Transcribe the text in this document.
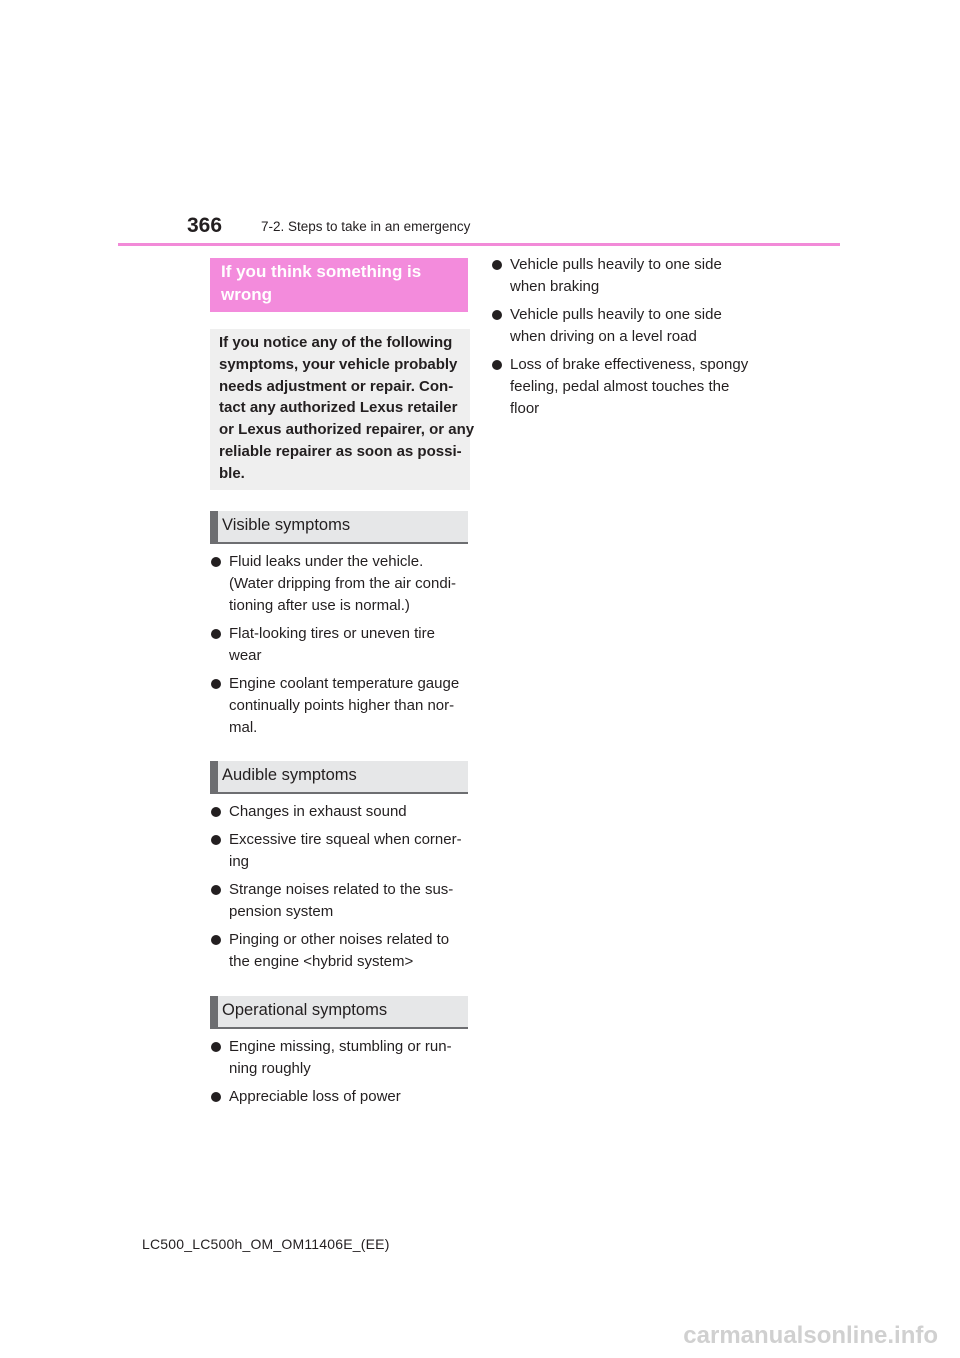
366	7-2. Steps to take in an emergency
If you think something is
wrong
If you notice any of the following
symptoms, your vehicle probably
needs adjustment or repair. Con-
tact any authorized Lexus retailer
or Lexus authorized repairer, or any
reliable repairer as soon as possi-
ble.
Visible symptoms
Fluid leaks under the vehicle.
(Water dripping from the air condi-
tioning after use is normal.)
Flat-looking tires or uneven tire
wear
Engine coolant temperature gauge
continually points higher than nor-
mal.
Audible symptoms
Changes in exhaust sound
Excessive tire squeal when corner-
ing
Strange noises related to the sus-
pension system
Pinging or other noises related to
the engine <hybrid system>
Operational symptoms
Engine missing, stumbling or run-
ning roughly
Appreciable loss of power
Vehicle pulls heavily to one side
when braking
Vehicle pulls heavily to one side
when driving on a level road
Loss of brake effectiveness, spongy
feeling, pedal almost touches the
floor
LC500_LC500h_OM_OM11406E_(EE)
carmanualsonline.info
